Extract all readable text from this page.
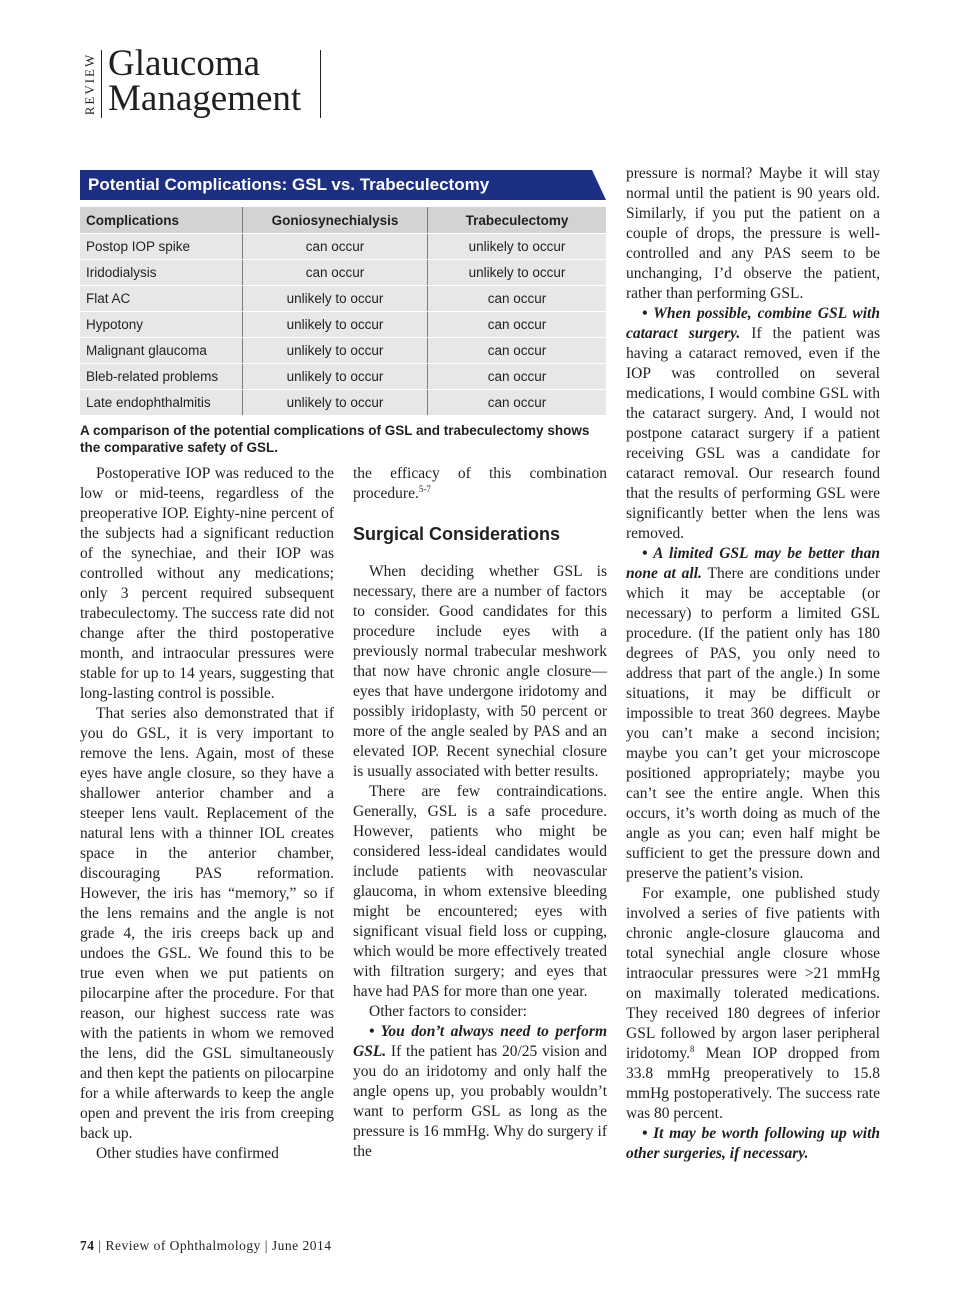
REVIEW Glaucoma
Management
Potential Complications: GSL vs. Trabeculectomy
Complications	Goniosynechialysis	Trabeculectomy
Postop IOP spike	can occur	unlikely to occur
Iridodialysis	can occur	unlikely to occur
Flat AC	unlikely to occur	can occur
Hypotony	unlikely to occur	can occur
Malignant glaucoma	unlikely to occur	can occur
Bleb-related problems	unlikely to occur	can occur
Late endophthalmitis	unlikely to occur	can occur
A comparison of the potential complications of GSL and trabeculectomy shows the comparative safety of GSL.

Postoperative IOP was reduced to the low or mid-teens, regardless of the preoperative IOP. Eighty-nine percent of the subjects had a significant reduction of the synechiae, and their IOP was controlled without any medications; only 3 percent required subsequent trabeculectomy. The success rate did not change after the third postoperative month, and intraocular pressures were stable for up to 14 years, suggesting that long-lasting control is possible.

That series also demonstrated that if you do GSL, it is very important to remove the lens. Again, most of these eyes have angle closure, so they have a shallower anterior chamber and a steeper lens vault. Replacement of the natural lens with a thinner IOL creates space in the anterior chamber, discouraging PAS reformation. However, the iris has “memory,” so if the lens remains and the angle is not grade 4, the iris creeps back up and undoes the GSL. We found this to be true even when we put patients on pilocarpine after the procedure. For that reason, our highest success rate was with the patients in whom we removed the lens, did the GSL simultaneously and then kept the patients on pilocarpine for a while afterwards to keep the angle open and prevent the iris from creeping back up.

Other studies have confirmed

the efficacy of this combination procedure.$^{5-7}$

Surgical Considerations

When deciding whether GSL is necessary, there are a number of factors to consider. Good candidates for this procedure include eyes with a previously normal trabecular meshwork that now have chronic angle closure—eyes that have undergone iridotomy and possibly iridoplasty, with 50 percent or more of the angle sealed by PAS and an elevated IOP. Recent synechial closure is usually associated with better results.

There are few contraindications. Generally, GSL is a safe procedure. However, patients who might be considered less-ideal candidates would include patients with neovascular glaucoma, in whom extensive bleeding might be encountered; eyes with significant visual field loss or cupping, which would be more effectively treated with filtration surgery; and eyes that have had PAS for more than one year.

Other factors to consider:

• You don’t always need to perform GSL. If the patient has 20/25 vision and you do an iridotomy and only half the angle opens up, you probably wouldn’t want to perform GSL as long as the pressure is 16 mmHg. Why do surgery if the

pressure is normal? Maybe it will stay normal until the patient is 90 years old. Similarly, if you put the patient on a couple of drops, the pressure is well-controlled and any PAS seem to be unchanging, I’d observe the patient, rather than performing GSL.

• When possible, combine GSL with cataract surgery. If the patient was having a cataract removed, even if the IOP was controlled on several medications, I would combine GSL with the cataract surgery. And, I would not postpone cataract surgery if a patient receiving GSL was a candidate for cataract removal. Our research found that the results of performing GSL were significantly better when the lens was removed.

• A limited GSL may be better than none at all. There are conditions under which it may be acceptable (or necessary) to perform a limited GSL procedure. (If the patient only has 180 degrees of PAS, you only need to address that part of the angle.) In some situations, it may be difficult or impossible to treat 360 degrees. Maybe you can’t make a second incision; maybe you can’t get your microscope positioned appropriately; maybe you can’t see the entire angle. When this occurs, it’s worth doing as much of the angle as you can; even half might be sufficient to get the pressure down and preserve the patient’s vision.

For example, one published study involved a series of five patients with chronic angle-closure glaucoma and total synechial angle closure whose intraocular pressures were >21 mmHg on maximally tolerated medications. They received 180 degrees of inferior GSL followed by argon laser peripheral iridotomy.$^8$ Mean IOP dropped from 33.8 mmHg preoperatively to 15.8 mmHg postoperatively. The success rate was 80 percent.

• It may be worth following up with other surgeries, if necessary.

74 | Review of Ophthalmology | June 2014
